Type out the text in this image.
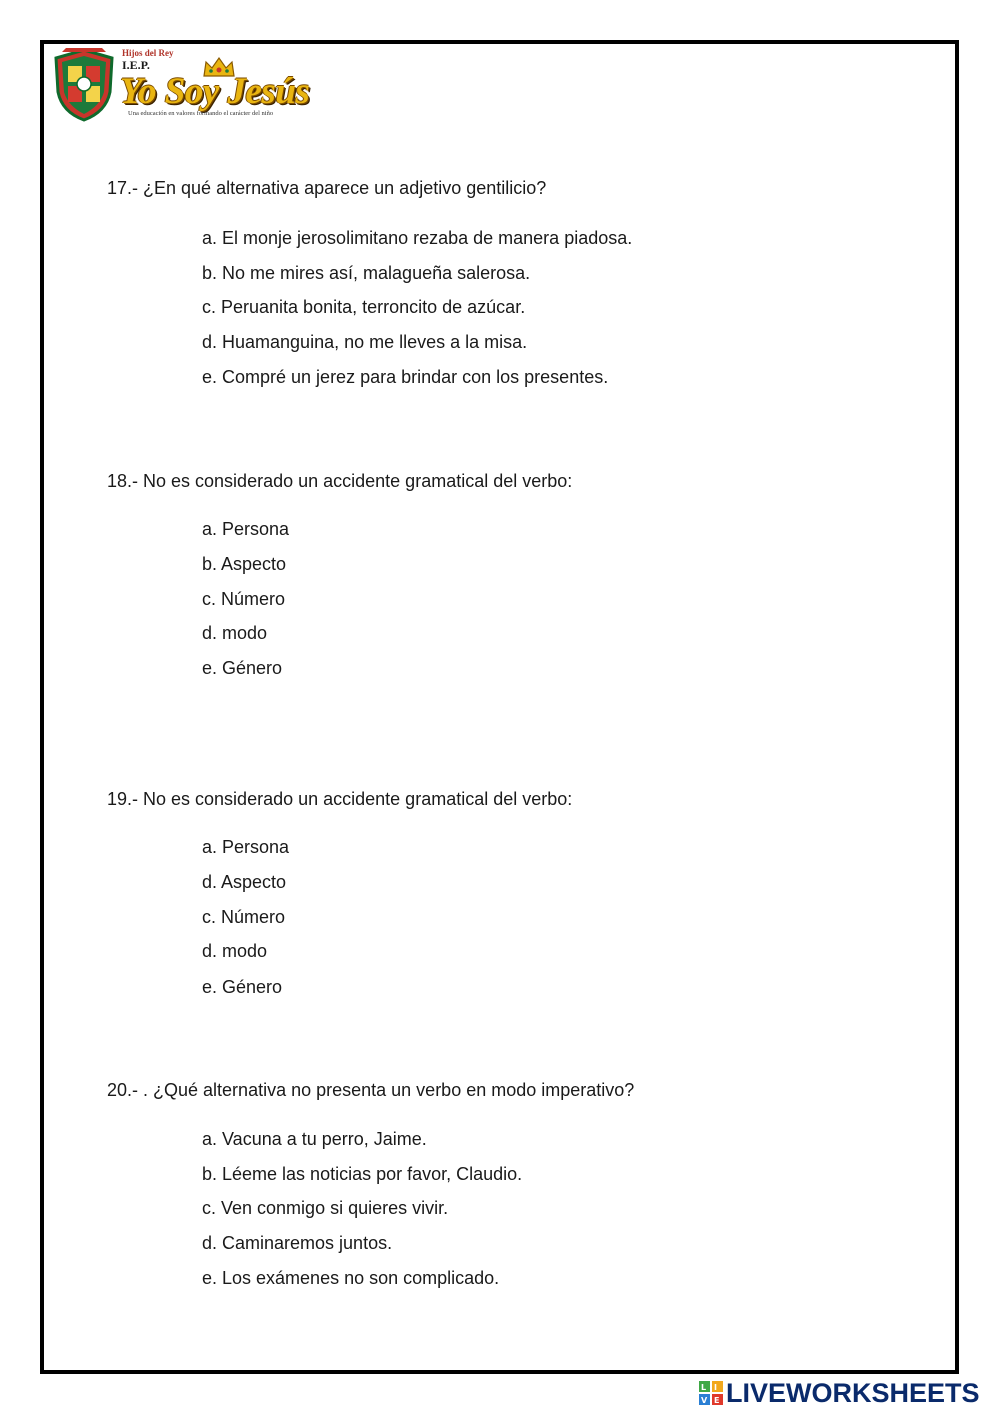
Hijos del Rey
I.E.P.
Yo Soy Jesús
Una educación en valores formando el carácter del niño
17.- ¿En qué alternativa aparece un adjetivo gentilicio?
a. El monje jerosolimitano rezaba de manera piadosa.
b. No me mires así, malagueña salerosa.
c. Peruanita bonita, terroncito de azúcar.
d. Huamanguina, no me lleves a la misa.
e. Compré un jerez para brindar con los presentes.
18.- No es considerado un accidente gramatical del verbo:
a. Persona
b. Aspecto
c. Número
d. modo
e. Género
19.- No es considerado un accidente gramatical del verbo:
a. Persona
d. Aspecto
c. Número
d. modo
e. Género
20.- . ¿Qué alternativa no presenta un verbo en modo imperativo?
a. Vacuna a tu perro, Jaime.
b. Léeme las noticias por favor, Claudio.
c. Ven conmigo si quieres vivir.
d. Caminaremos juntos.
e. Los exámenes no son complicado.
L I
V E LIVEWORKSHEETS
